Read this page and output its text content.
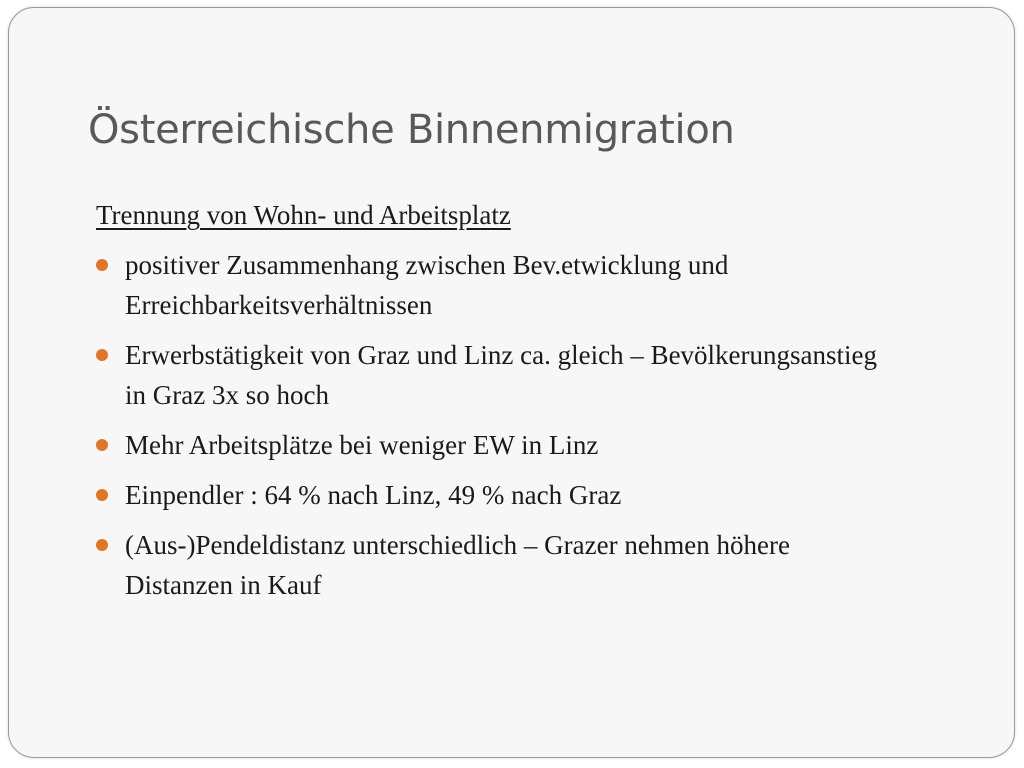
Österreichische Binnenmigration
Trennung von Wohn- und Arbeitsplatz
positiver Zusammenhang zwischen Bev.etwicklung und
Erreichbarkeitsverhältnissen
Erwerbstätigkeit von Graz und Linz ca. gleich – Bevölkerungsanstieg
in Graz 3x so hoch
Mehr Arbeitsplätze bei weniger EW in Linz
Einpendler : 64 % nach Linz, 49 % nach Graz
(Aus-)Pendeldistanz unterschiedlich – Grazer nehmen höhere
Distanzen in Kauf
